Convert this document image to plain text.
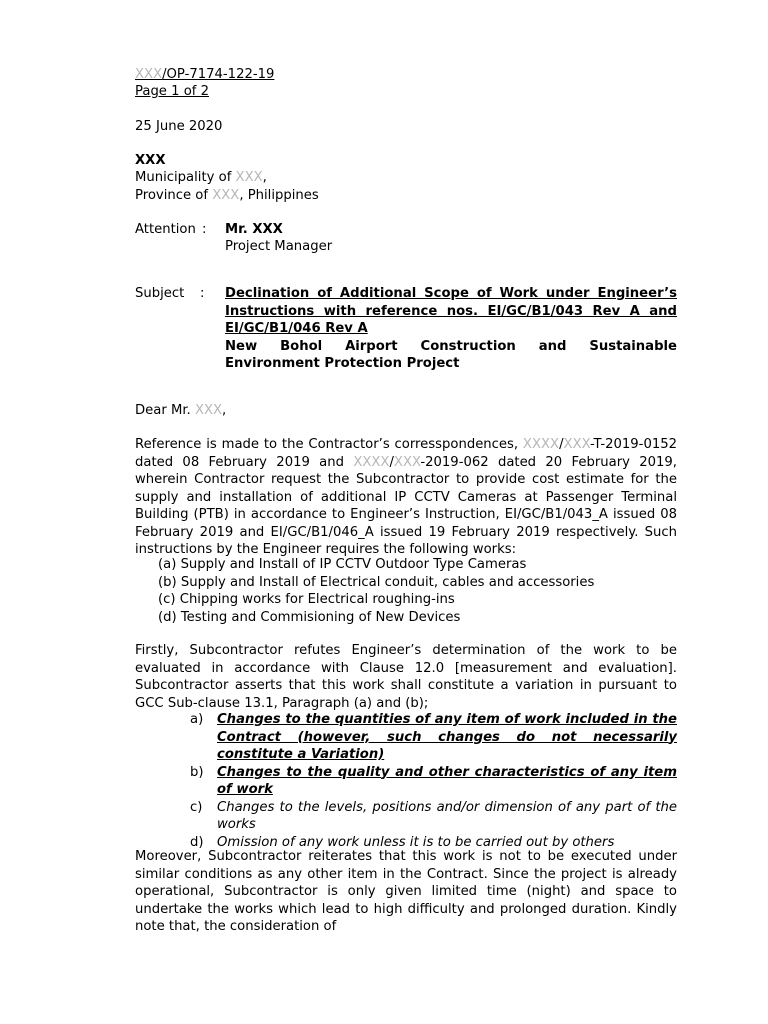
XXX/OP-7174-122-19
Page 1 of 2
25 June 2020
XXX
Municipality of XXX,
Province of XXX, Philippines
Attention : Mr. XXX
Project Manager
Subject : Declination of Additional Scope of Work under Engineer’s Instructions with reference nos. EI/GC/B1/043 Rev A and EI/GC/B1/046 Rev A
New Bohol Airport Construction and Sustainable Environment Protection Project
Dear Mr. XXX,
Reference is made to the Contractor’s corresspondences, XXXX/XXX-T-2019-0152 dated 08 February 2019 and XXXX/XXX-2019-062 dated 20 February 2019, wherein Contractor request the Subcontractor to provide cost estimate for the supply and installation of additional IP CCTV Cameras at Passenger Terminal Building (PTB) in accordance to Engineer’s Instruction, EI/GC/B1/043_A issued 08 February 2019 and EI/GC/B1/046_A issued 19 February 2019 respectively. Such instructions by the Engineer requires the following works:
(a) Supply and Install of IP CCTV Outdoor Type Cameras
(b) Supply and Install of Electrical conduit, cables and accessories
(c) Chipping works for Electrical roughing-ins
(d) Testing and Commisioning of New Devices
Firstly, Subcontractor refutes Engineer’s determination of the work to be evaluated in accordance with Clause 12.0 [measurement and evaluation]. Subcontractor asserts that this work shall constitute a variation in pursuant to GCC Sub-clause 13.1, Paragraph (a) and (b);
a)	Changes to the quantities of any item of work included in the Contract (however, such changes do not necessarily constitute a Variation)
b)	Changes to the quality and other characteristics of any item of work
c)	Changes to the levels, positions and/or dimension of any part of the works
d)	Omission of any work unless it is to be carried out by others
Moreover, Subcontractor reiterates that this work is not to be executed under similar conditions as any other item in the Contract. Since the project is already operational, Subcontractor is only given limited time (night) and space to undertake the works which lead to high difficulty and prolonged duration. Kindly note that, the consideration of
